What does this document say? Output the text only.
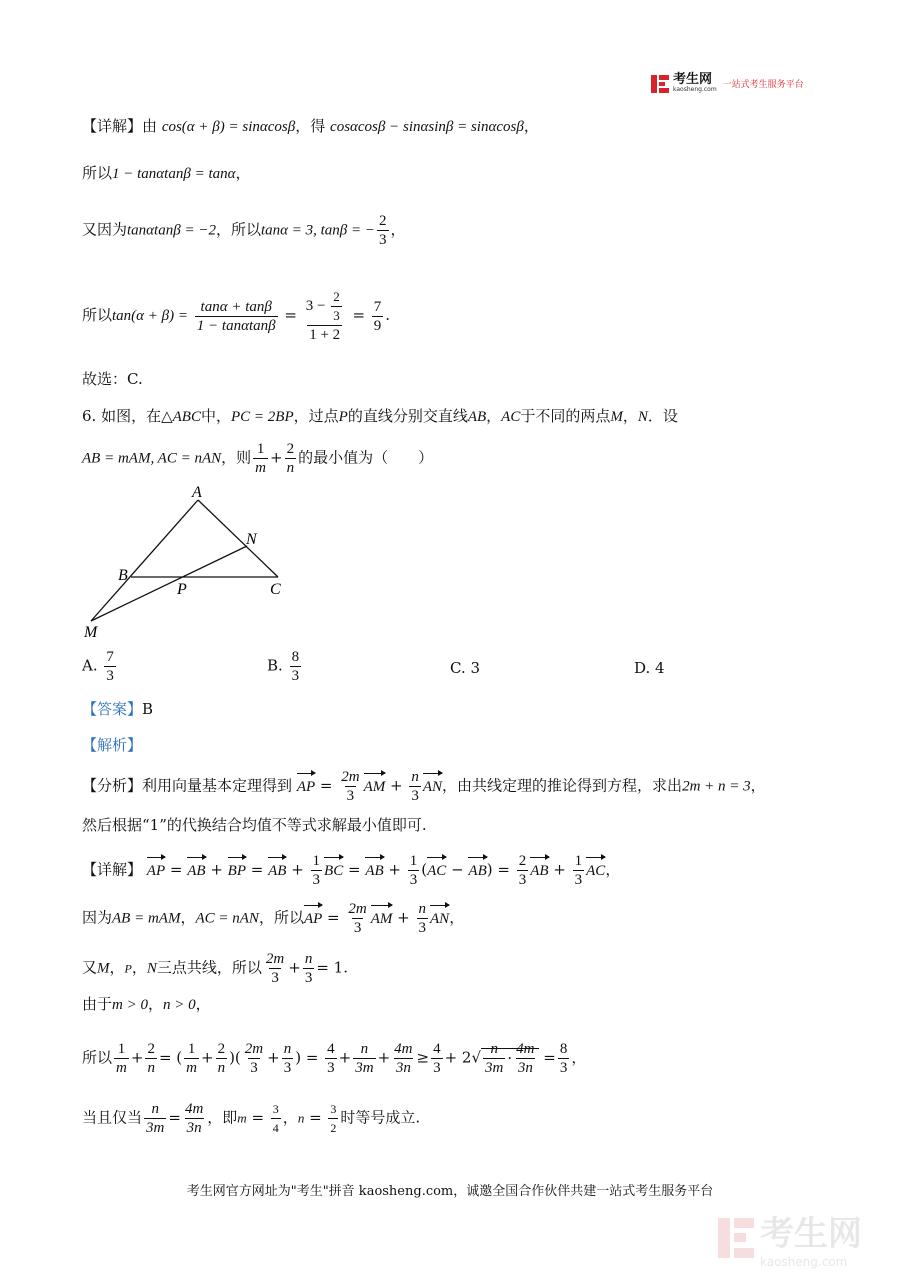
考生网
kaosheng.com 一站式考生服务平台
【详解】由 cos(α + β) = sinαcosβ，得 cosαcosβ − sinαsinβ = sinαcosβ，
所以1 − tanαtanβ = tanα，
又因为tanαtanβ = −2，所以tanα = 3, tanβ = − $\frac{2}{3}$ ，
所以$\tan(\alpha + \beta) = \frac{\tan\alpha + \tan\beta}{1 - \tan\alpha\tan\beta} = \frac{3 - \frac{2}{3}}{1 + 2} = \frac{7}{9}$ .
故选：C.
6. 如图，在△ABC中，PC = 2BP，过点P的直线分别交直线AB，AC于不同的两点M，N．设
AB = mAM, AC = nAN，则 $\frac{1}{m} + \frac{2}{n}$ 的最小值为（　　）
A
N
B
P	C
M
A. $\frac{7}{3}$	B. $\frac{8}{3}$	C. 3	D. 4
【答案】B
【解析】
【分析】利用向量基本定理得到 AP = $\frac{2m}{3}$ AM + $\frac{n}{3}$ AN，由共线定理的推论得到方程，求出2m + n = 3，
然后根据“1”的代换结合均值不等式求解最小值即可.
【详解】 AP = AB + BP = AB + $\frac{1}{3}$ BC = AB + $\frac{1}{3} (AC - AB) = \frac{2}{3}$ AB + $\frac{1}{3}$ AC，
因为AB = mAM，AC = nAN，所以AP = $\frac{2m}{3}$ AM + $\frac{n}{3}$ AN，
又M，P，N三点共线，所以 $\frac{2m}{3} + \frac{n}{3} = 1$.
由于m > 0，n > 0，
所以 $\frac{1}{m} + \frac{2}{n}$ = ( $\frac{1}{m} + \frac{2}{n}$ )( $\frac{2m}{3} + \frac{n}{3}$ ) = $\frac{4}{3} + \frac{n}{3m} + \frac{4m}{3n} \ge \frac{4}{3} + 2√ \frac{n}{3m} \cdot \frac{4m}{3n} = \frac{8}{3}$ ，
当且仅当 $\frac{n}{3m} = \frac{4m}{3n}$ ，即$m = \frac{3}{4}$ ，$n = \frac{3}{2}$ 时等号成立.
考生网官方网址为"考生"拼音 kaosheng.com，诚邀全国合作伙伴共建一站式考生服务平台
考生网
kaosheng.com
